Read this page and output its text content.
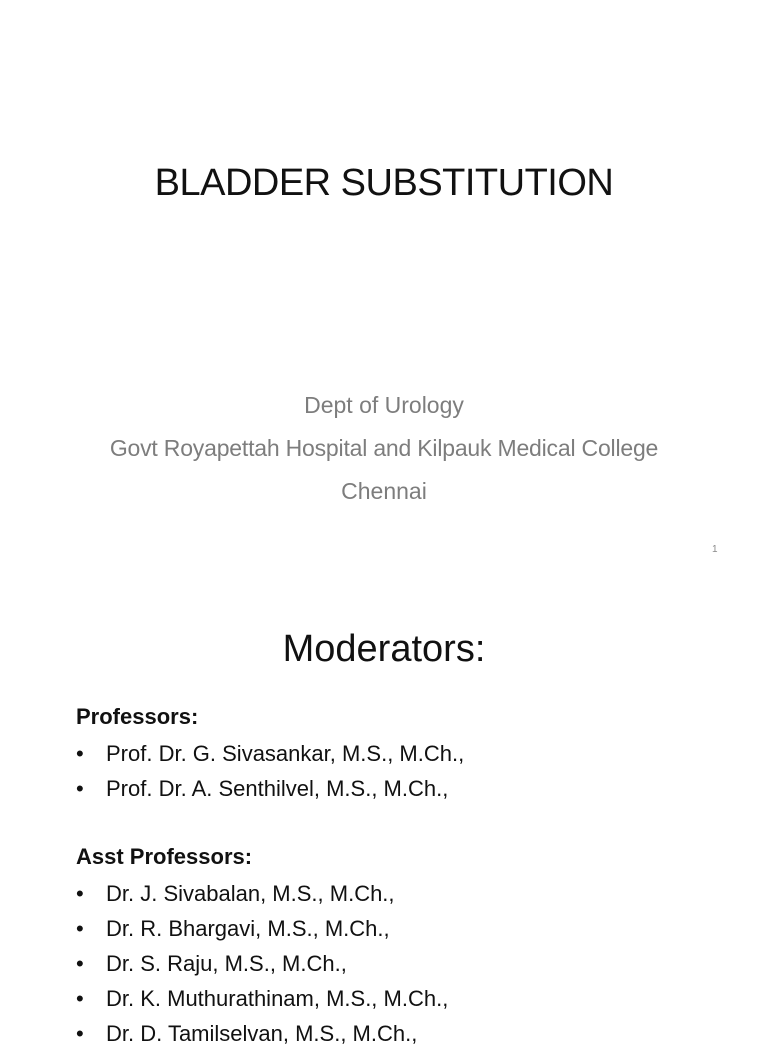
BLADDER SUBSTITUTION
Dept of Urology
Govt Royapettah Hospital and Kilpauk Medical College
Chennai
1
Moderators:
Professors:
•	Prof. Dr. G. Sivasankar, M.S., M.Ch.,
•	Prof. Dr. A. Senthilvel, M.S., M.Ch.,
Asst Professors:
•	Dr. J. Sivabalan, M.S., M.Ch.,
•	Dr. R. Bhargavi, M.S., M.Ch.,
•	Dr. S. Raju, M.S., M.Ch.,
•	Dr. K. Muthurathinam, M.S., M.Ch.,
•	Dr. D. Tamilselvan, M.S., M.Ch.,
